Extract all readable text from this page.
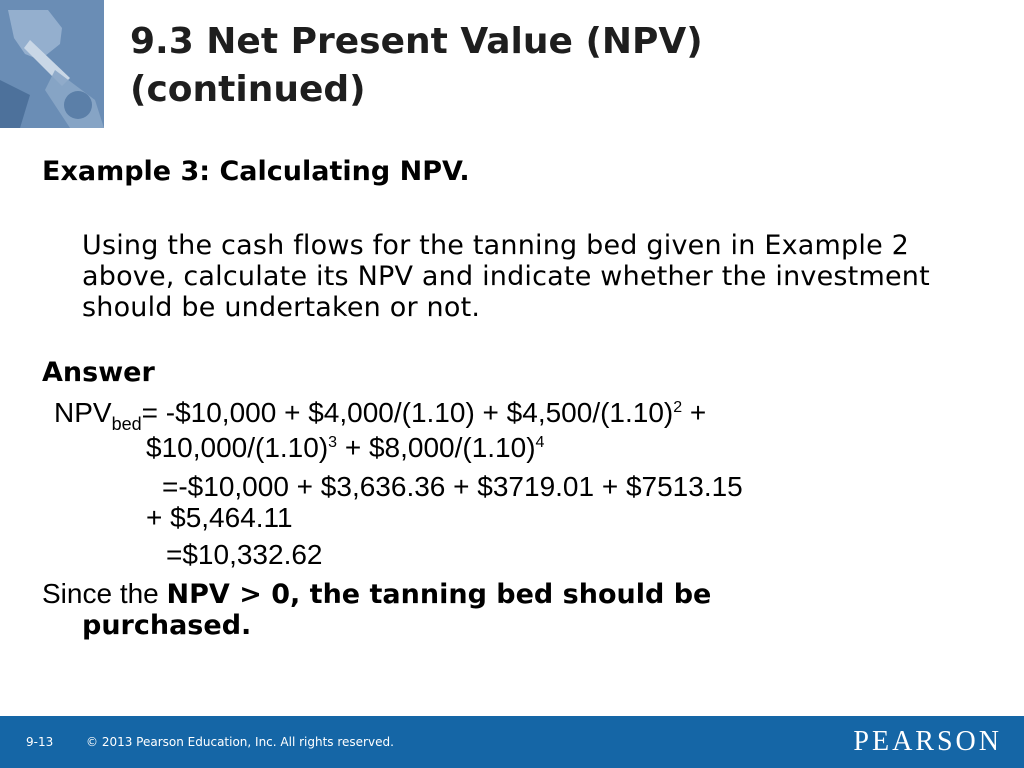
9.3 Net Present Value (NPV)
(continued)
Example 3: Calculating NPV.
Using the cash flows for the tanning bed given in Example 2 above, calculate its NPV and indicate whether the investment should be undertaken or not.
Answer
$NPV_{bed}=$ -$10,000 + $4,000/(1.10) + $\$4,500/(1.10)^2$ +
$\$10,000/(1.10)^3$ + $\$8,000/(1.10)^4$
=-$10,000 + $3,636.36 + $3719.01 + $7513.15
+ $5,464.11
=$10,332.62
Since the NPV > 0, the tanning bed should be
purchased.
9-13	© 2013 Pearson Education, Inc. All rights reserved.	PEARSON
